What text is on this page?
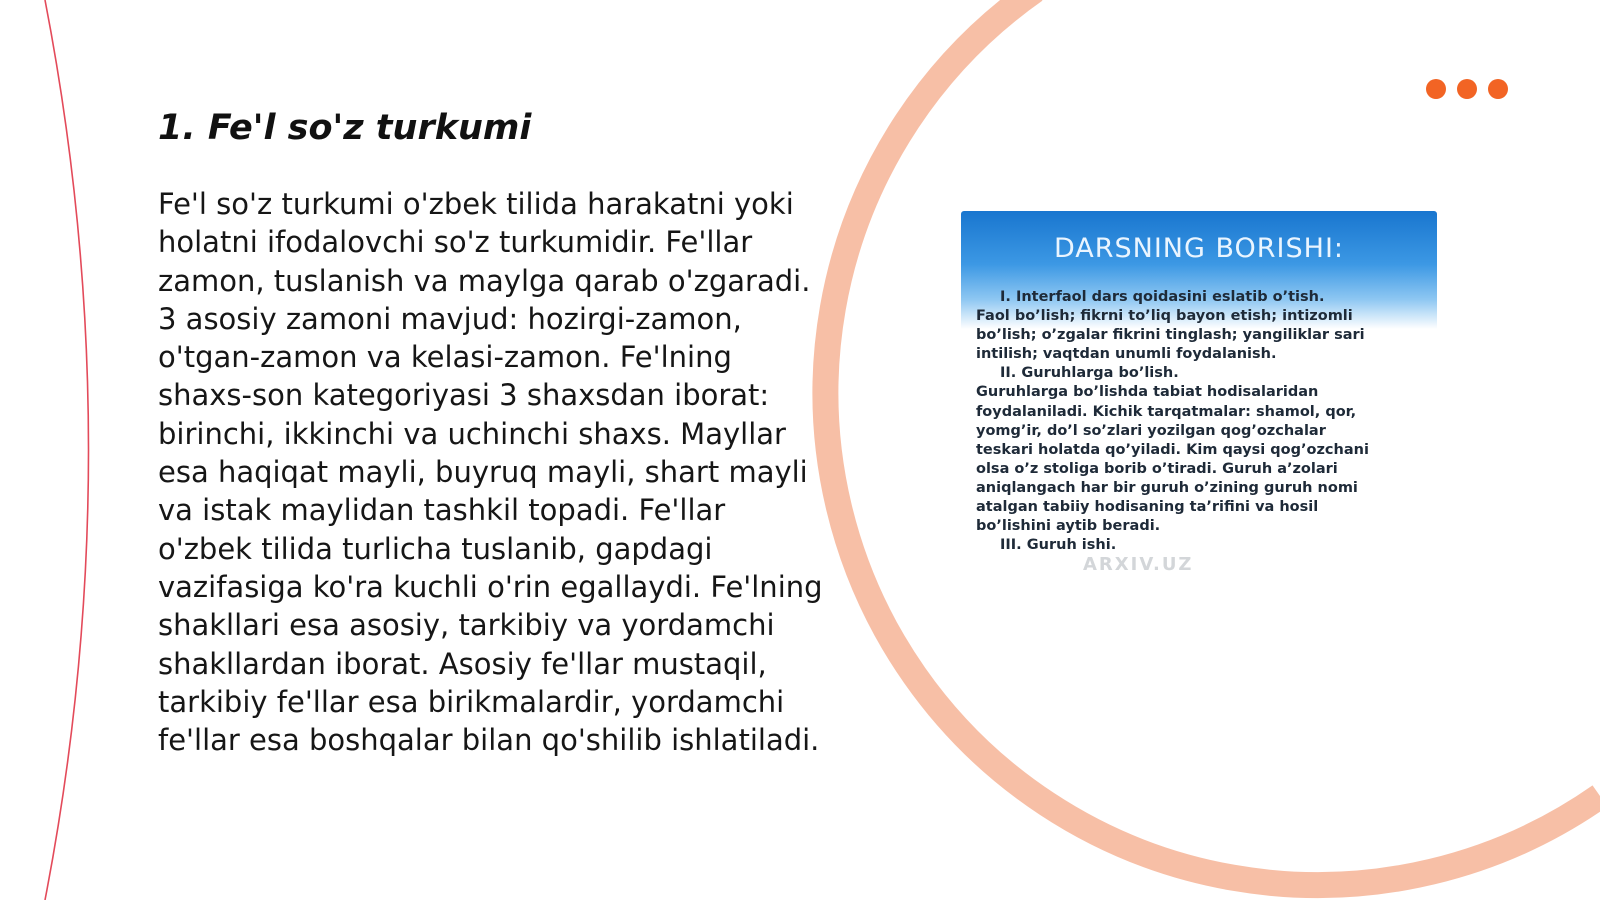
1. Fe'l so'z turkumi
Fe'l so'z turkumi o'zbek tilida harakatni yoki
holatni ifodalovchi so'z turkumidir. Fe'llar
zamon, tuslanish va maylga qarab o'zgaradi.
3 asosiy zamoni mavjud: hozirgi-zamon,
o'tgan-zamon va kelasi-zamon. Fe'lning
shaxs-son kategoriyasi 3 shaxsdan iborat:
birinchi, ikkinchi va uchinchi shaxs. Mayllar
esa haqiqat mayli, buyruq mayli, shart mayli
va istak maylidan tashkil topadi. Fe'llar
o'zbek tilida turlicha tuslanib, gapdagi
vazifasiga ko'ra kuchli o'rin egallaydi. Fe'lning
shakllari esa asosiy, tarkibiy va yordamchi
shakllardan iborat. Asosiy fe'llar mustaqil,
tarkibiy fe'llar esa birikmalardir, yordamchi
fe'llar esa boshqalar bilan qo'shilib ishlatiladi.
DARSNING BORISHI:
I. Interfaol dars qoidasini eslatib o’tish.
Faol bo’lish; fikrni to’liq bayon etish; intizomli
bo’lish; o’zgalar fikrini tinglash; yangiliklar sari
intilish; vaqtdan unumli foydalanish.
II. Guruhlarga bo’lish.
Guruhlarga bo’lishda tabiat hodisalaridan
foydalaniladi. Kichik tarqatmalar: shamol, qor,
yomg’ir, do’l so’zlari yozilgan qog’ozchalar
teskari holatda qo’yiladi. Kim qaysi qog’ozchani
olsa o’z stoliga borib o’tiradi. Guruh a’zolari
aniqlangach har bir guruh o’zining guruh nomi
atalgan tabiiy hodisaning ta’rifini va hosil
bo’lishini aytib beradi.
III. Guruh ishi.
ARXIV.UZ
